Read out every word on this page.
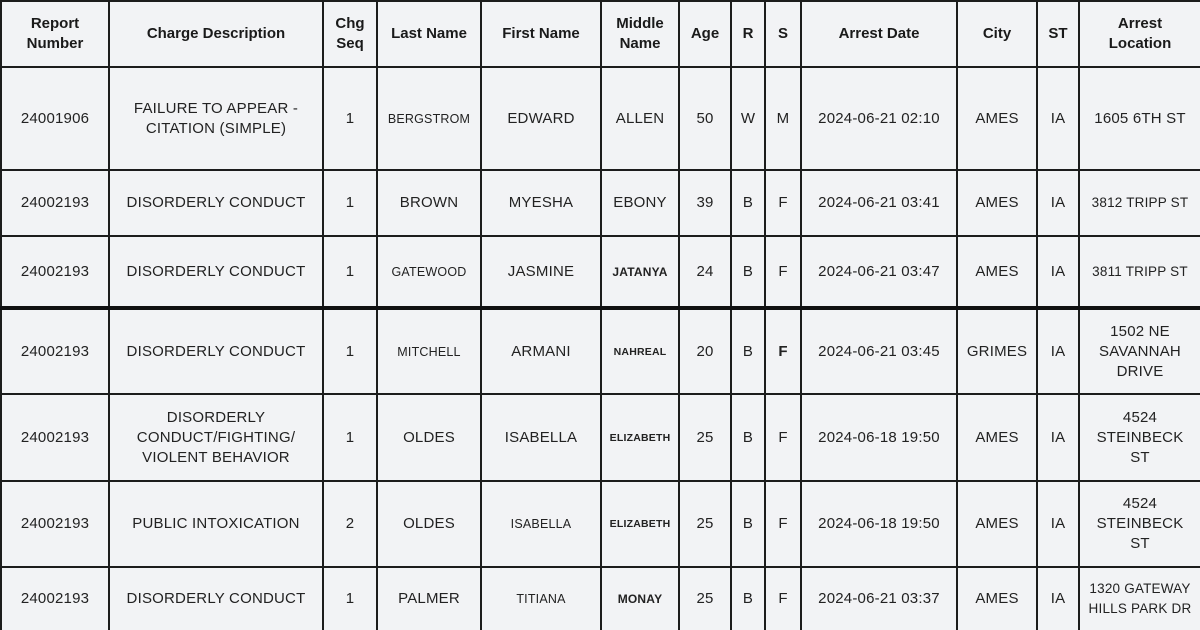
Report Number	Charge Description	Chg Seq	Last Name	First Name	Middle Name	Age	R	S	Arrest Date	City	ST	Arrest Location
24001906	FAILURE TO APPEAR - CITATION (SIMPLE)	1	BERGSTROM	EDWARD	ALLEN	50	W	M	2024-06-21 02:10	AMES	IA	1605 6TH ST
24002193	DISORDERLY CONDUCT	1	BROWN	MYESHA	EBONY	39	B	F	2024-06-21 03:41	AMES	IA	3812 TRIPP ST
24002193	DISORDERLY CONDUCT	1	GATEWOOD	JASMINE	JATANYA	24	B	F	2024-06-21 03:47	AMES	IA	3811 TRIPP ST
24002193	DISORDERLY CONDUCT	1	MITCHELL	ARMANI	NAHREAL	20	B	F	2024-06-21 03:45	GRIMES	IA	1502 NE SAVANNAH DRIVE
24002193	DISORDERLY CONDUCT/FIGHTING/ VIOLENT BEHAVIOR	1	OLDES	ISABELLA	ELIZABETH	25	B	F	2024-06-18 19:50	AMES	IA	4524 STEINBECK ST
24002193	PUBLIC INTOXICATION	2	OLDES	ISABELLA	ELIZABETH	25	B	F	2024-06-18 19:50	AMES	IA	4524 STEINBECK ST
24002193	DISORDERLY CONDUCT	1	PALMER	TITIANA	MONAY	25	B	F	2024-06-21 03:37	AMES	IA	1320 GATEWAY HILLS PARK DR
